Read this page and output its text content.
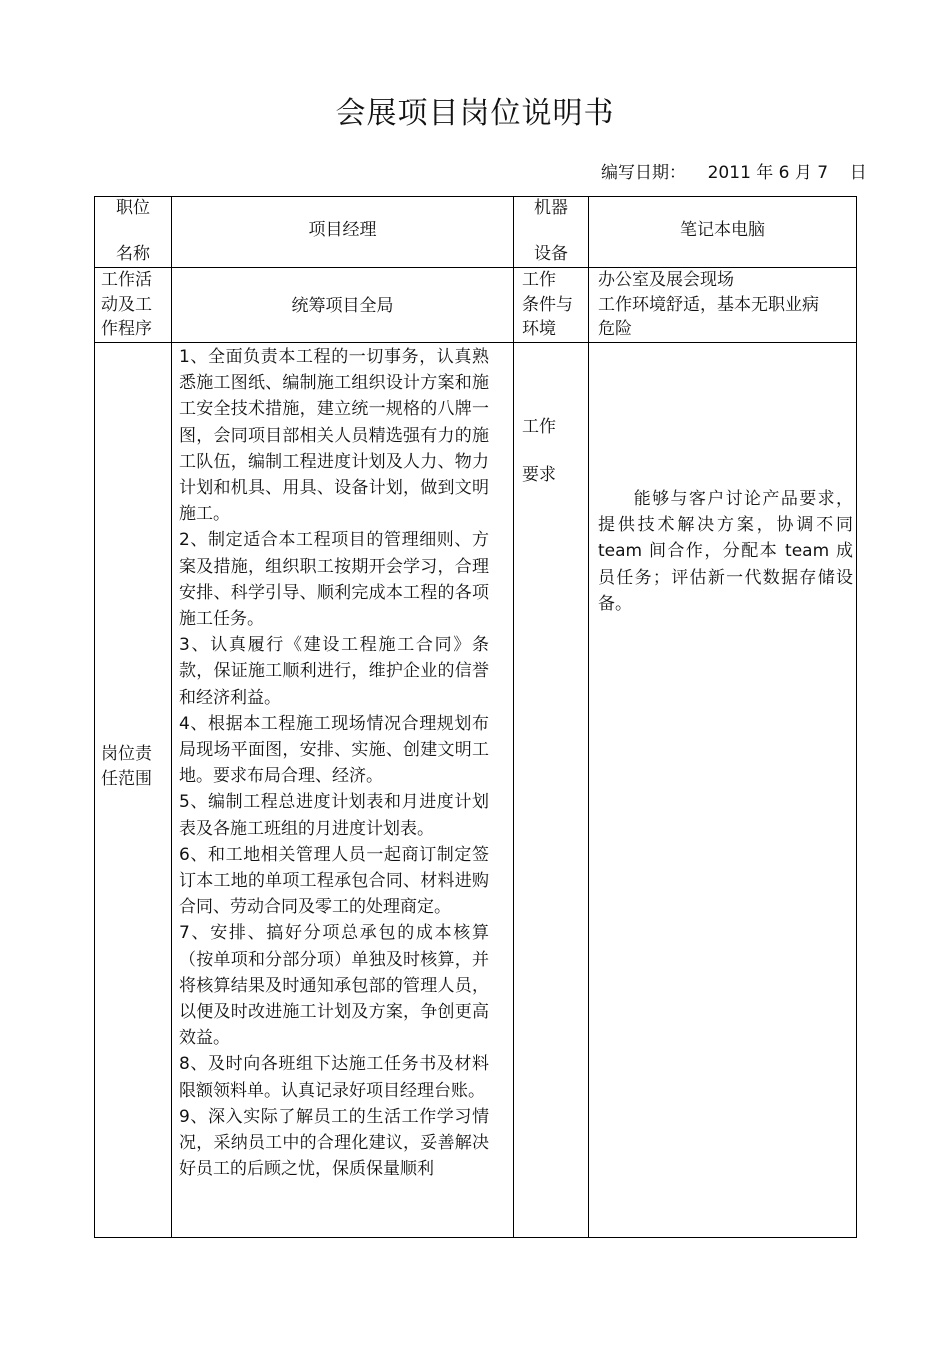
会展项目岗位说明书
编写日期：    2011 年 6 月 7    日
职位
名称
项目经理
机器
设备
笔记本电脑
工作活
动及工
作程序
统筹项目全局
工作
条件与
环境
办公室及展会现场
工作环境舒适，基本无职业病
危险
岗位责
任范围

1、全面负责本工程的一切事务，认真熟悉施工图纸、编制施工组织设计方案和施工安全技术措施，建立统一规格的八牌一图，会同项目部相关人员精选强有力的施工队伍，编制工程进度计划及人力、物力计划和机具、用具、设备计划，做到文明施工。

2、制定适合本工程项目的管理细则、方案及措施，组织职工按期开会学习，合理安排、科学引导、顺利完成本工程的各项施工任务。

3、认真履行《建设工程施工合同》条款，保证施工顺利进行，维护企业的信誉和经济利益。

4、根据本工程施工现场情况合理规划布局现场平面图，安排、实施、创建文明工地。要求布局合理、经济。

5、编制工程总进度计划表和月进度计划表及各施工班组的月进度计划表。

6、和工地相关管理人员一起商订制定签订本工地的单项工程承包合同、材料进购合同、劳动合同及零工的处理商定。

7、安排、搞好分项总承包的成本核算（按单项和分部分项）单独及时核算，并将核算结果及时通知承包部的管理人员，以便及时改进施工计划及方案，争创更高效益。

8、及时向各班组下达施工任务书及材料限额领料单。认真记录好项目经理台账。

9、深入实际了解员工的生活工作学习情况，采纳员工中的合理化建议，妥善解决好员工的后顾之忧，保质保量顺利

工作
要求
能够与客户讨论产品要求，提供技术解决方案，协调不同 team 间合作，分配本 team 成员任务；评估新一代数据存储设备。
